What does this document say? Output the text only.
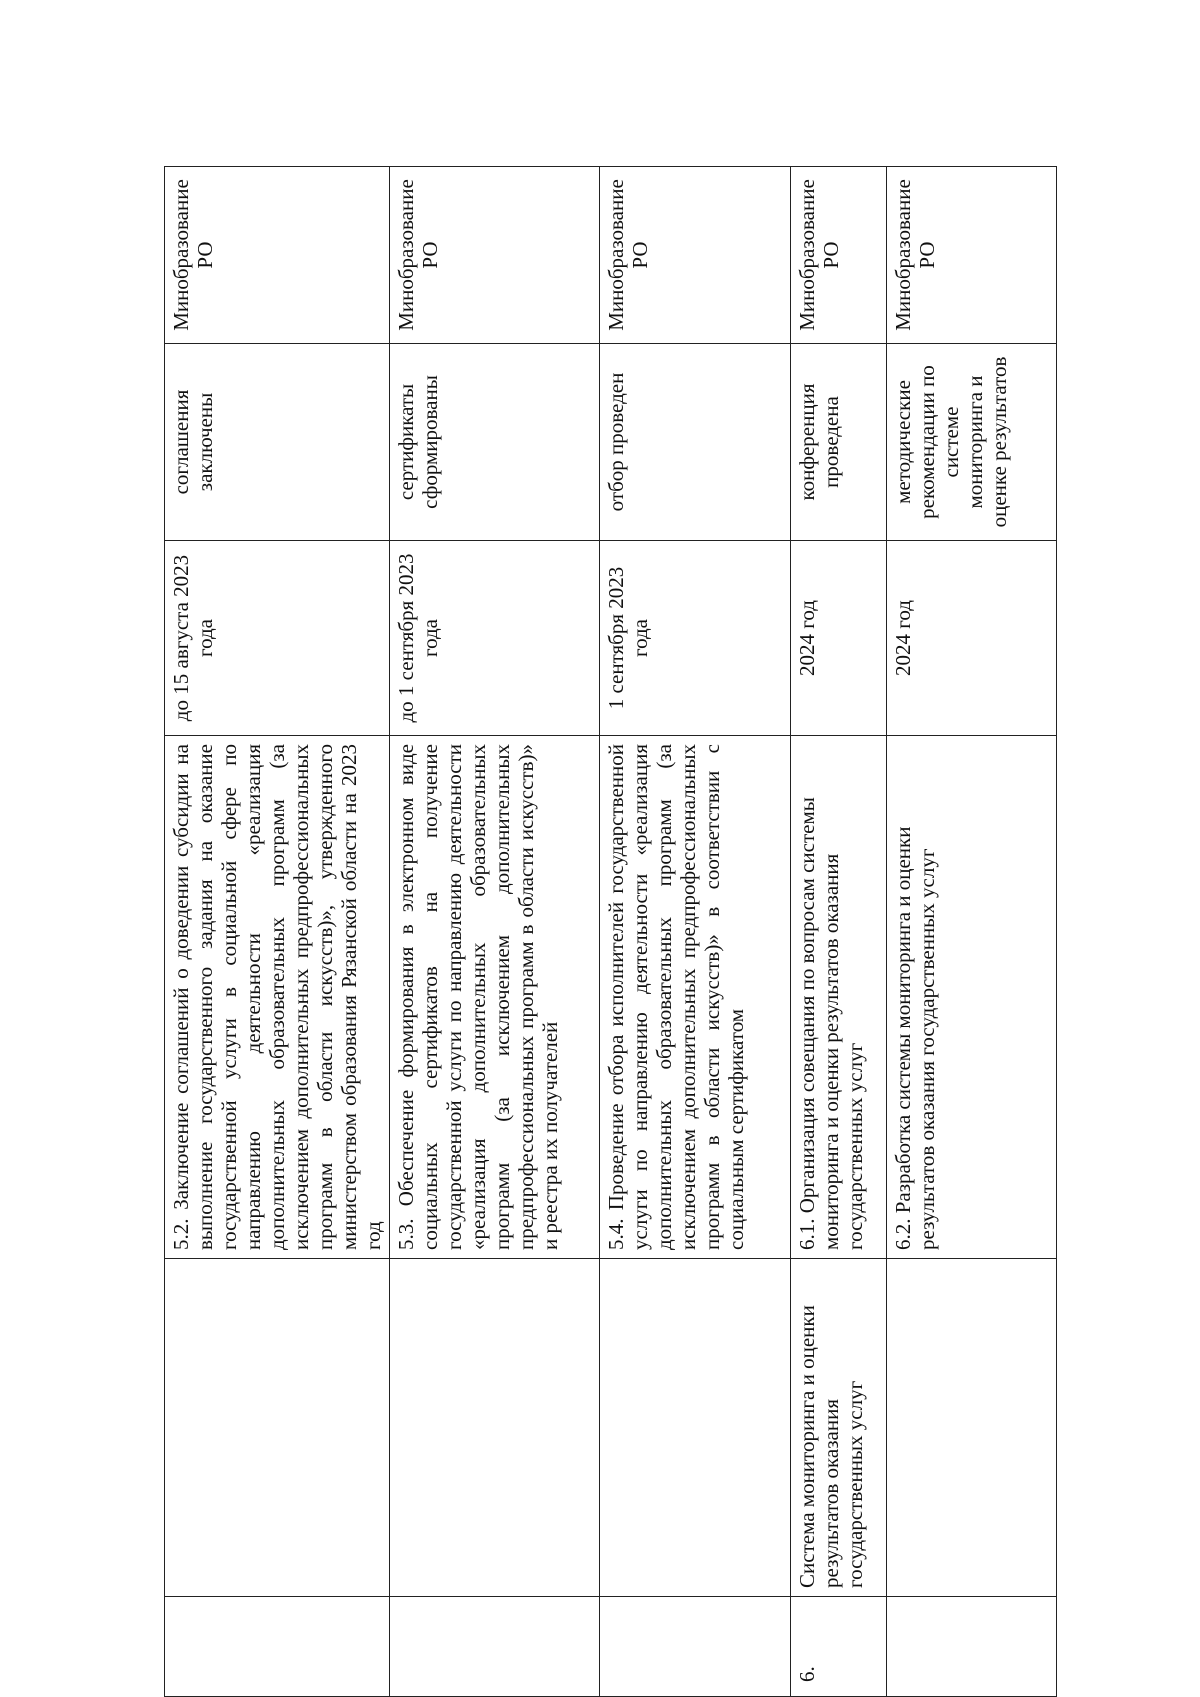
		5.2. Заключение соглашений о доведении субсидии на выполнение государственного задания на оказание государственной услуги в социальной сфере по направлению деятельности «реализация дополнительных образовательных программ (за исключением дополнительных предпрофессиональных программ в области искусств)», утвержденного министерством образования Рязанской области на 2023 год	до 15 августа 2023 года	соглашения заключены	Минобразование РО
		5.3. Обеспечение формирования в электронном виде социальных сертификатов на получение государственной услуги по направлению деятельности «реализация дополнительных образовательных программ (за исключением дополнительных предпрофессиональных программ в области искусств)» и реестра их получателей	до 1 сентября 2023 года	сертификаты сформированы	Минобразование РО
		5.4. Проведение отбора исполнителей государственной услуги по направлению деятельности «реализация дополнительных образовательных программ (за исключением дополнительных предпрофессиональных программ в области искусств)» в соответствии с социальным сертификатом	1 сентября 2023 года	отбор проведен	Минобразование РО
6.	Система мониторинга и оценки результатов оказания государственных услуг	6.1. Организация совещания по вопросам системы мониторинга и оценки результатов оказания государственных услуг	2024 год	конференция проведена	Минобразование РО
		6.2. Разработка системы мониторинга и оценки результатов оказания государственных услуг	2024 год	методические рекомендации по системе мониторинга и оценке результатов	Минобразование РО
